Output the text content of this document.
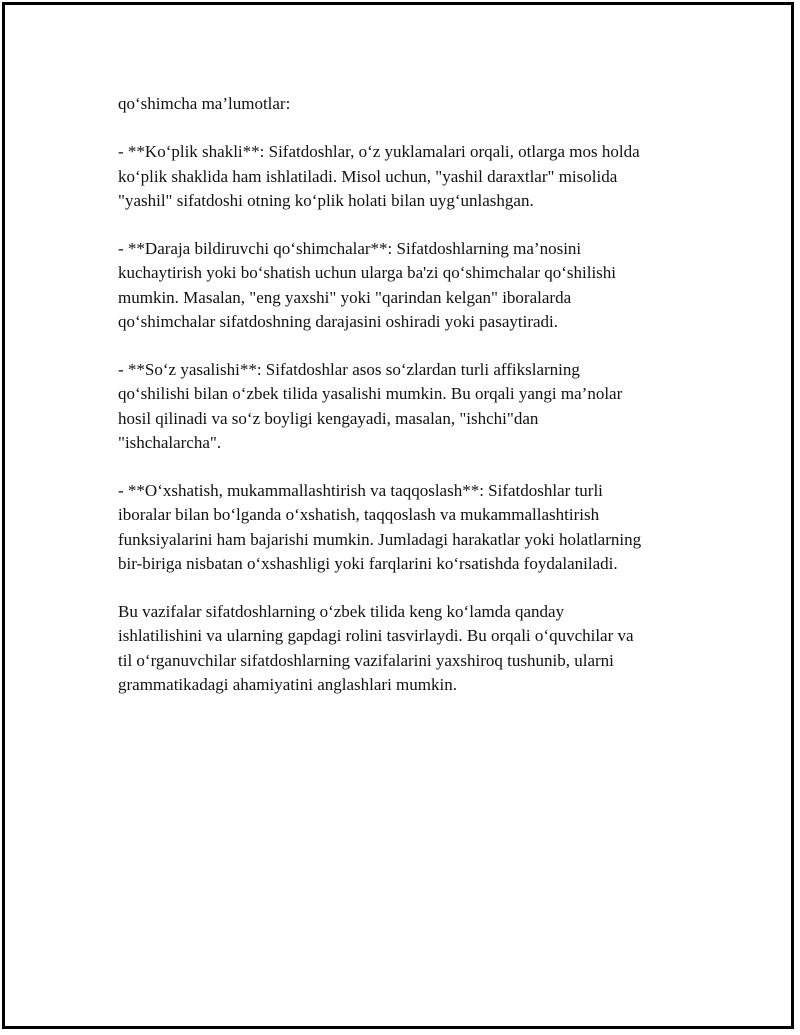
qo‘shimcha ma’lumotlar:

- **Ko‘plik shakli**: Sifatdoshlar, o‘z yuklamalari orqali, otlarga mos holda
ko‘plik shaklida ham ishlatiladi. Misol uchun, "yashil daraxtlar" misolida
"yashil" sifatdoshi otning ko‘plik holati bilan uyg‘unlashgan.

- **Daraja bildiruvchi qo‘shimchalar**: Sifatdoshlarning ma’nosini
kuchaytirish yoki bo‘shatish uchun ularga ba'zi qo‘shimchalar qo‘shilishi
mumkin. Masalan, "eng yaxshi" yoki "qarindan kelgan" iboralarda
qo‘shimchalar sifatdoshning darajasini oshiradi yoki pasaytiradi.

- **So‘z yasalishi**: Sifatdoshlar asos so‘zlardan turli affikslarning
qo‘shilishi bilan o‘zbek tilida yasalishi mumkin. Bu orqali yangi ma’nolar
hosil qilinadi va so‘z boyligi kengayadi, masalan, "ishchi"dan
"ishchalarcha".

- **O‘xshatish, mukammallashtirish va taqqoslash**: Sifatdoshlar turli
iboralar bilan bo‘lganda o‘xshatish, taqqoslash va mukammallashtirish
funksiyalarini ham bajarishi mumkin. Jumladagi harakatlar yoki holatlarning
bir-biriga nisbatan o‘xshashligi yoki farqlarini ko‘rsatishda foydalaniladi.

Bu vazifalar sifatdoshlarning o‘zbek tilida keng ko‘lamda qanday
ishlatilishini va ularning gapdagi rolini tasvirlaydi. Bu orqali o‘quvchilar va
til o‘rganuvchilar sifatdoshlarning vazifalarini yaxshiroq tushunib, ularni
grammatikadagi ahamiyatini anglashlari mumkin.
